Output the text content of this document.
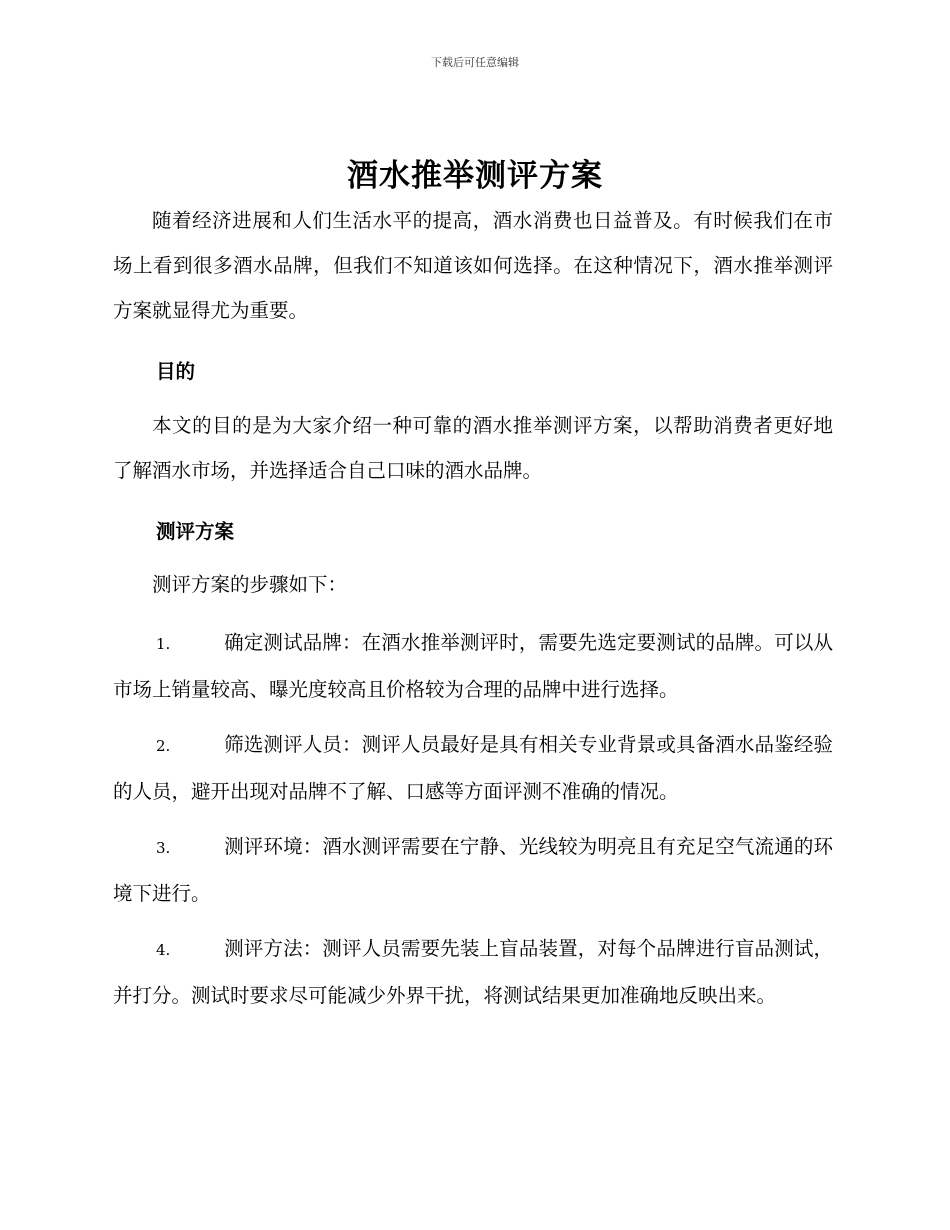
下载后可任意编辑
酒水推举测评方案

随着经济进展和人们生活水平的提高，酒水消费也日益普及。有时候我们在市场上看到很多酒水品牌，但我们不知道该如何选择。在这种情况下，酒水推举测评方案就显得尤为重要。

目的

本文的目的是为大家介绍一种可靠的酒水推举测评方案，以帮助消费者更好地了解酒水市场，并选择适合自己口味的酒水品牌。

测评方案

测评方案的步骤如下：

1.	确定测试品牌：在酒水推举测评时，需要先选定要测试的品牌。可以从市场上销量较高、曝光度较高且价格较为合理的品牌中进行选择。
2.	筛选测评人员：测评人员最好是具有相关专业背景或具备酒水品鉴经验的人员，避开出现对品牌不了解、口感等方面评测不准确的情况。
3.	测评环境：酒水测评需要在宁静、光线较为明亮且有充足空气流通的环境下进行。
4.	测评方法：测评人员需要先装上盲品装置，对每个品牌进行盲品测试，并打分。测试时要求尽可能减少外界干扰，将测试结果更加准确地反映出来。
